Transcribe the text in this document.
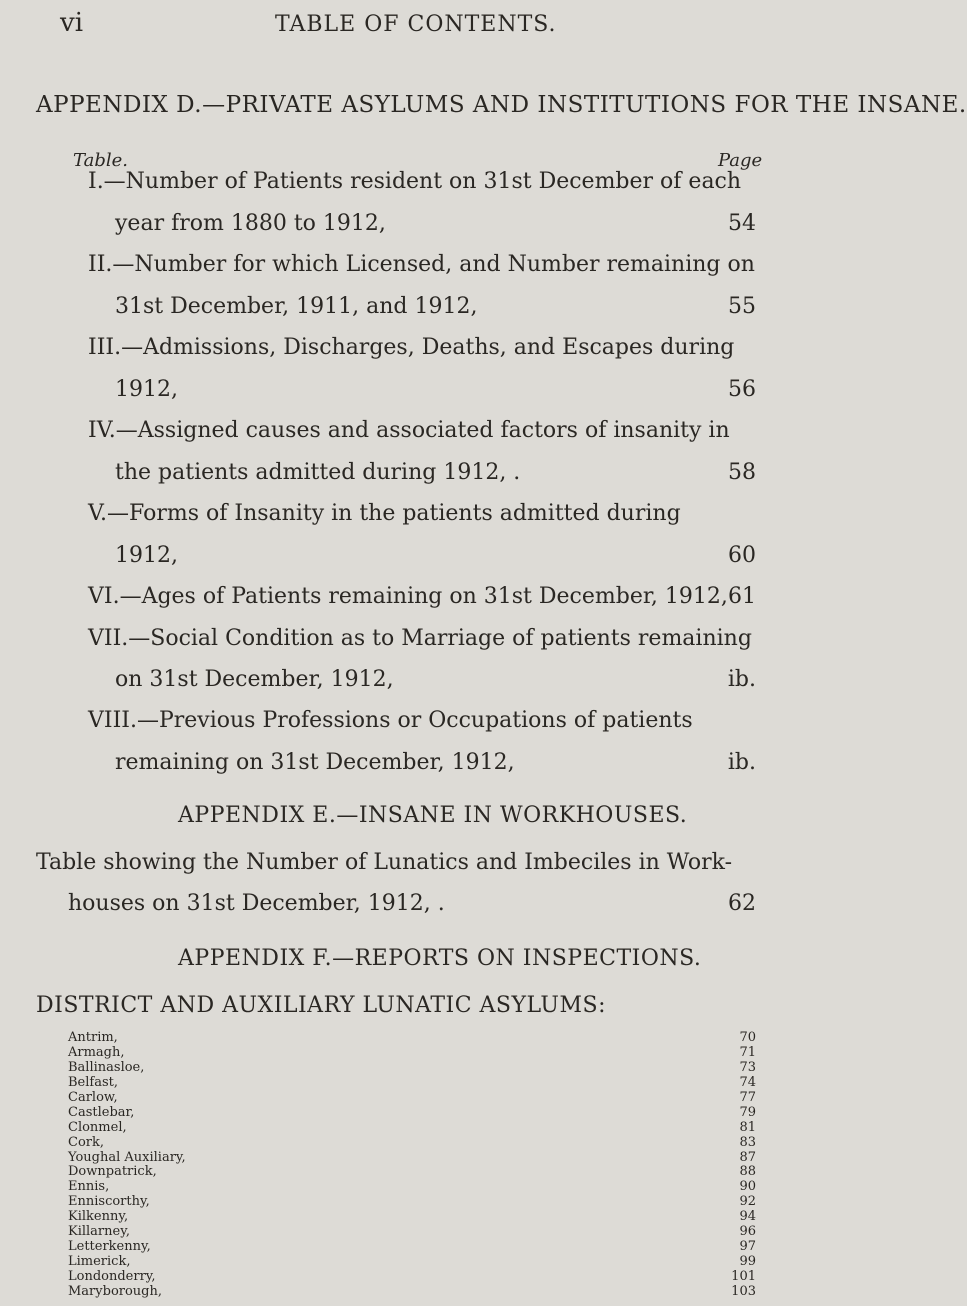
vi	TABLE OF CONTENTS.
APPENDIX D.—PRIVATE ASYLUMS AND INSTITUTIONS FOR THE INSANE.
Table.	Page
I.—Number of Patients resident on 31st December of each
year from 1880 to 1912,	54
II.—Number for which Licensed, and Number remaining on
31st December, 1911, and 1912,	55
III.—Admissions, Discharges, Deaths, and Escapes during
1912,	56
IV.—Assigned causes and associated factors of insanity in
the patients admitted during 1912, .	58
V.—Forms of Insanity in the patients admitted during
1912,	60
VI.—Ages of Patients remaining on 31st December, 1912, 61
VII.—Social Condition as to Marriage of patients remaining
on 31st December, 1912,	ib.
VIII.—Previous Professions or Occupations of patients
remaining on 31st December, 1912,	ib.
APPENDIX E.—INSANE IN WORKHOUSES.
Table showing the Number of Lunatics and Imbeciles in Work-
houses on 31st December, 1912, .	62
APPENDIX F.—REPORTS ON INSPECTIONS.
DISTRICT AND AUXILIARY LUNATIC ASYLUMS:
Antrim,	70
Armagh,	71
Ballinasloe,	73
Belfast,	74
Carlow,	77
Castlebar,	79
Clonmel,	81
Cork,	83
Youghal Auxiliary,	87
Downpatrick,	88
Ennis,	90
Enniscorthy,	92
Kilkenny,	94
Killarney,	96
Letterkenny,	97
Limerick,	99
Londonderry,	101
Maryborough,	103
